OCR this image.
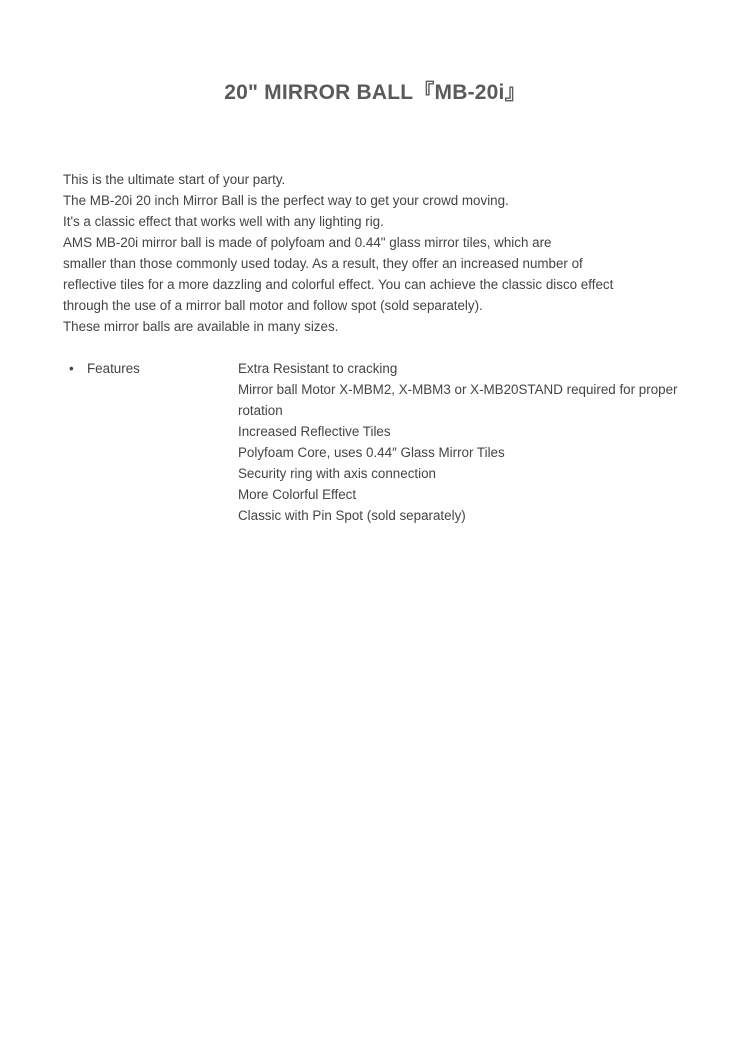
20" MIRROR BALL『MB-20i』

This is the ultimate start of your party.

The MB-20i 20 inch Mirror Ball is the perfect way to get your crowd moving.

It's a classic effect that works well with any lighting rig.

AMS MB-20i mirror ball is made of polyfoam and 0.44" glass mirror tiles, which are

smaller than those commonly used today. As a result, they offer an increased number of

reflective tiles for a more dazzling and colorful effect. You can achieve the classic disco effect

through the use of a mirror ball motor and follow spot (sold separately).

These mirror balls are available in many sizes.

• Features	Extra Resistant to cracking
Mirror ball Motor X-MBM2, X-MBM3 or X-MB20STAND required for proper rotation
Increased Reflective Tiles
Polyfoam Core, uses 0.44″ Glass Mirror Tiles
Security ring with axis connection
More Colorful Effect
Classic with Pin Spot (sold separately)
